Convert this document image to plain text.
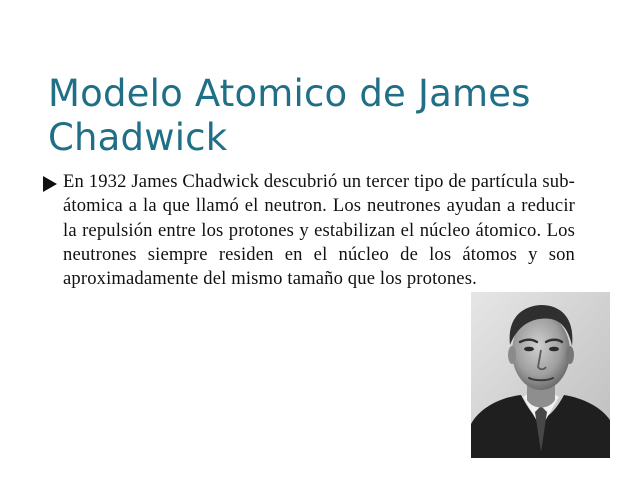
Modelo Atomico de James Chadwick

En 1932 James Chadwick descubrió un tercer tipo de partícula sub-átomica a la que llamó el neutron. Los neutrones ayudan a reducir la repulsión entre los protones y estabilizan el núcleo átomico. Los neutrones siempre residen en el núcleo de los átomos y son aproximadamente del mismo tamaño que los protones.
